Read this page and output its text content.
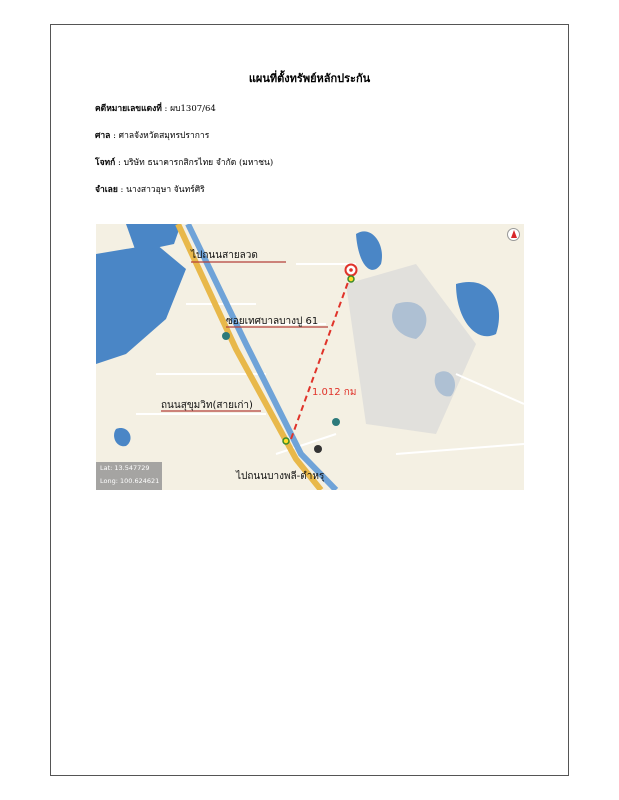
แผนที่ตั้งทรัพย์หลักประกัน
คดีหมายเลขแดงที่ : ผบ1307/64
ศาล : ศาลจังหวัดสมุทรปราการ
โจทก์ : บริษัท ธนาคารกสิกรไทย จำกัด (มหาชน)
จำเลย : นางสาวอุษา จันทร์ศิริ
ไปถนนสายลวด
ซอยเทศบาลบางปู 61
ถนนสุขุมวิท(สายเก่า)
ไปถนนบางพลี-ตำหรุ
1.012 กม
Lat: 13.547729
Long: 100.624621
